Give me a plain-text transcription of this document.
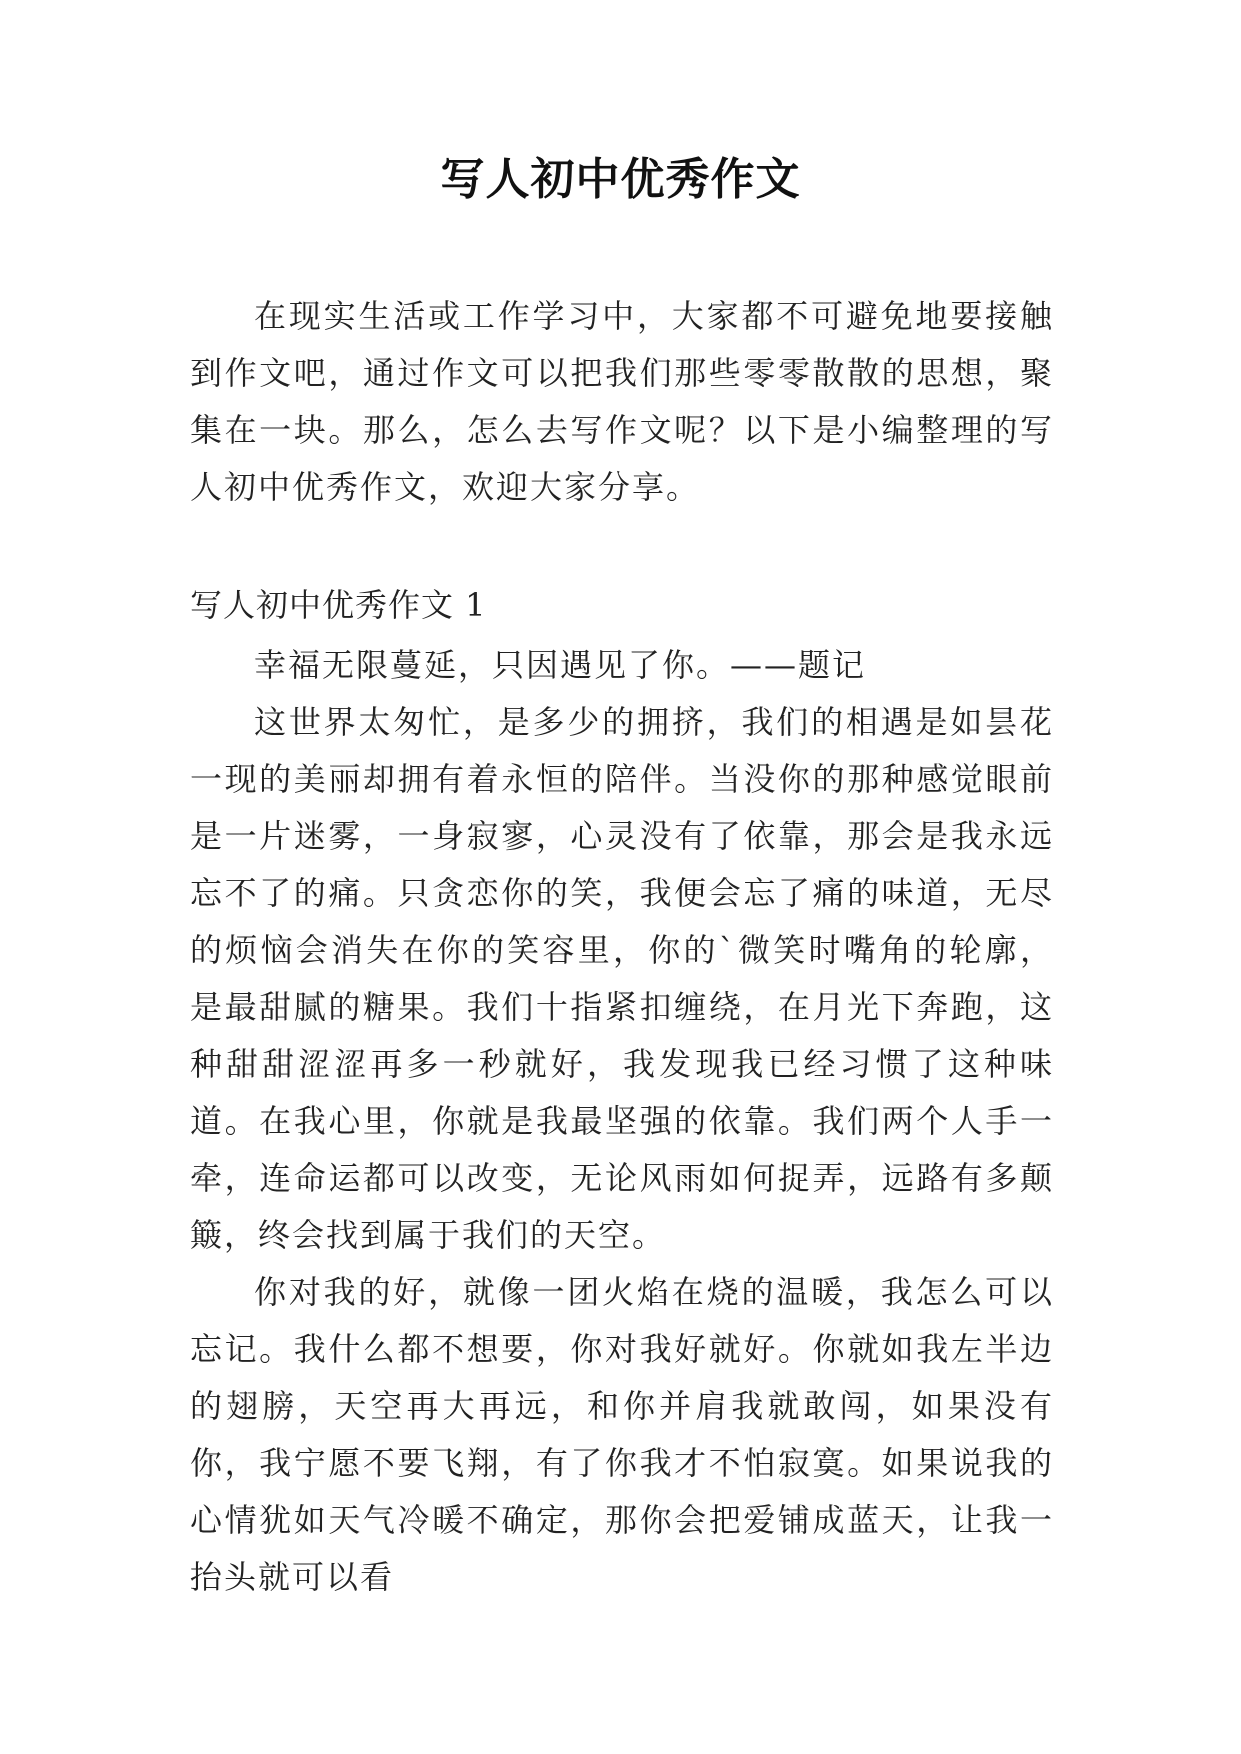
写人初中优秀作文

在现实生活或工作学习中，大家都不可避免地要接触到作文吧，通过作文可以把我们那些零零散散的思想，聚集在一块。那么，怎么去写作文呢？以下是小编整理的写人初中优秀作文，欢迎大家分享。

写人初中优秀作文 1

幸福无限蔓延，只因遇见了你。——题记

这世界太匆忙，是多少的拥挤，我们的相遇是如昙花一现的美丽却拥有着永恒的陪伴。当没你的那种感觉眼前是一片迷雾，一身寂寥，心灵没有了依靠，那会是我永远忘不了的痛。只贪恋你的笑，我便会忘了痛的味道，无尽的烦恼会消失在你的笑容里，你的`微笑时嘴角的轮廓，是最甜腻的糖果。我们十指紧扣缠绕，在月光下奔跑，这种甜甜涩涩再多一秒就好，我发现我已经习惯了这种味道。在我心里，你就是我最坚强的依靠。我们两个人手一牵，连命运都可以改变，无论风雨如何捉弄，远路有多颠簸，终会找到属于我们的天空。

你对我的好，就像一团火焰在烧的温暖，我怎么可以忘记。我什么都不想要，你对我好就好。你就如我左半边的翅膀，天空再大再远，和你并肩我就敢闯，如果没有你，我宁愿不要飞翔，有了你我才不怕寂寞。如果说我的心情犹如天气冷暖不确定，那你会把爱铺成蓝天，让我一抬头就可以看
